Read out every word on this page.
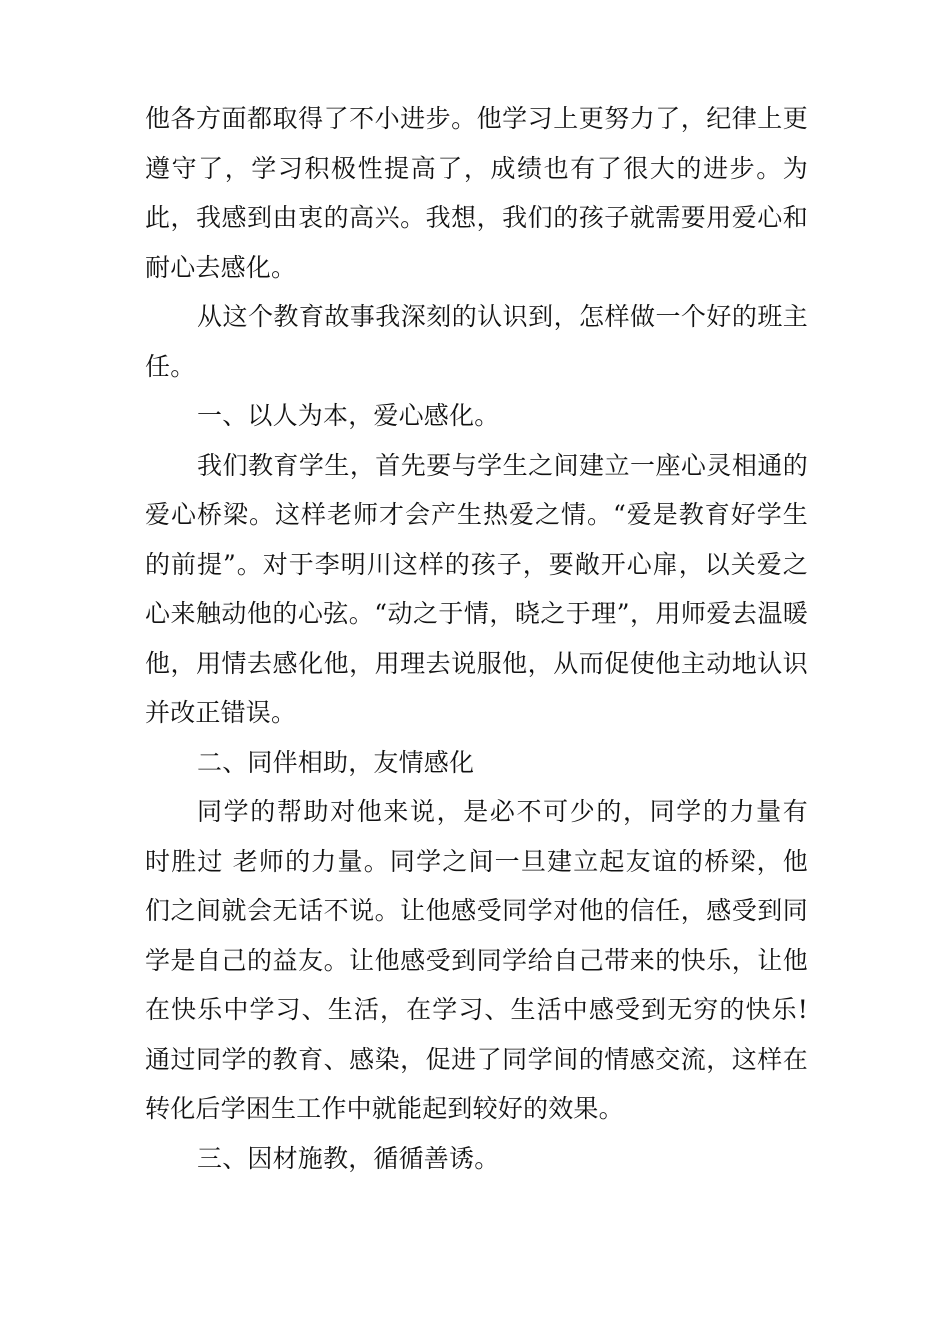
他各方面都取得了不小进步。他学习上更努力了，纪律上更遵守了，学习积极性提高了，成绩也有了很大的进步。为此，我感到由衷的高兴。我想，我们的孩子就需要用爱心和耐心去感化。

从这个教育故事我深刻的认识到，怎样做一个好的班主任。

一、以人为本，爱心感化。

我们教育学生，首先要与学生之间建立一座心灵相通的爱心桥梁。这样老师才会产生热爱之情。“爱是教育好学生的前提”。对于李明川这样的孩子，要敞开心扉，以关爱之心来触动他的心弦。“动之于情，晓之于理”，用师爱去温暖他，用情去感化他，用理去说服他，从而促使他主动地认识并改正错误。

二、同伴相助，友情感化

同学的帮助对他来说，是必不可少的，同学的力量有 时胜过 老师的力量。同学之间一旦建立起友谊的桥梁，他们之间就会无话不说。让他感受同学对他的信任，感受到同学是自己的益友。让他感受到同学给自己带来的快乐，让他在快乐中学习、生活，在学习、生活中感受到无穷的快乐!通过同学的教育、感染，促进了同学间的情感交流，这样在转化后学困生工作中就能起到较好的效果。

三、因材施教，循循善诱。
